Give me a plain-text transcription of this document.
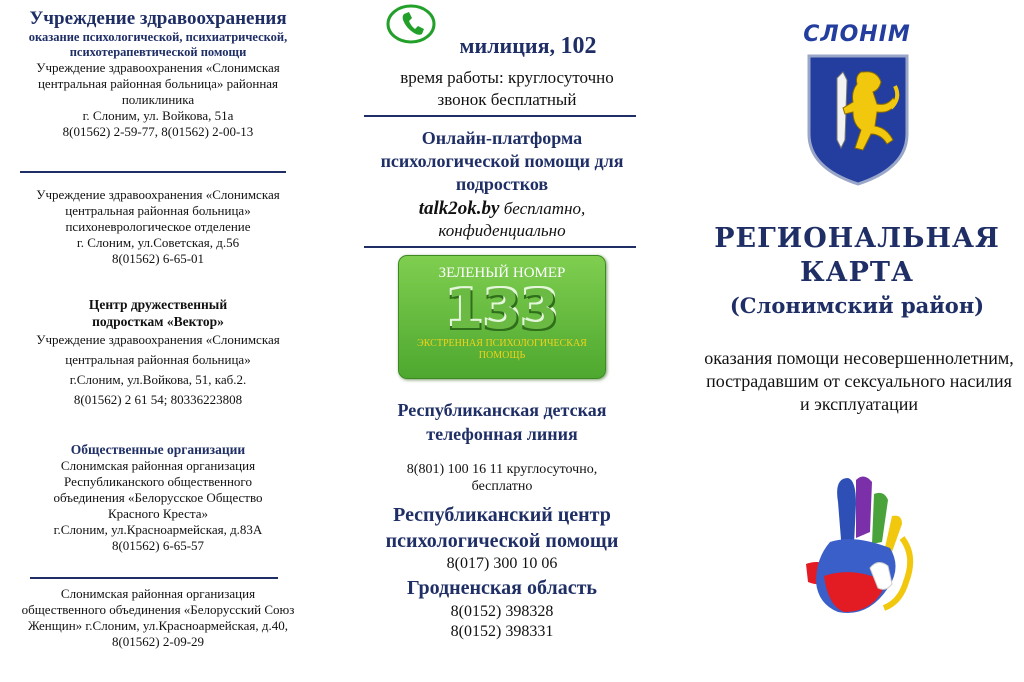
Учреждение здравоохранения
оказание психологической, психиатрической, психотерапевтической помощи
Учреждение здравоохранения «Слонимская центральная районная больница» районная поликлиника
г. Слоним, ул. Войкова, 51а
8(01562) 2-59-77, 8(01562) 2-00-13
Учреждение здравоохранения «Слонимская центральная районная больница» психоневрологическое отделение
г. Слоним, ул.Советская, д.56
8(01562) 6-65-01
Центр дружественный
подросткам «Вектор»
Учреждение здравоохранения «Слонимская центральная районная больница»
г.Слоним, ул.Войкова, 51, каб.2.
8(01562) 2 61 54; 80336223808
Общественные организации
Слонимская районная организация Республиканского общественного объединения «Белорусское Общество Красного Креста»
г.Слоним, ул.Красноармейская, д.83А
8(01562) 6-65-57
Слонимская районная организация общественного объединения «Белорусский Союз Женщин» г.Слоним, ул.Красноармейская, д.40,
8(01562) 2-09-29
милиция, 102
время работы: круглосуточно
звонок бесплатный
Онлайн-платформа психологической помощи для подростков
talk2ok.by бесплатно,
конфиденциально
ЗЕЛЕНЫЙ НОМЕР
133
ЭКСТРЕННАЯ ПСИХОЛОГИЧЕСКАЯ ПОМОЩЬ
Республиканская детская телефонная линия
8(801) 100 16 11 круглосуточно,
бесплатно
Республиканский центр психологической помощи
8(017) 300 10 06
Гродненская область
8(0152) 398328
8(0152) 398331
СЛОНІМ
РЕГИОНАЛЬНАЯ
КАРТА
(Слонимский район)
оказания помощи несовершеннолетним, пострадавшим от сексуального насилия и эксплуатации
